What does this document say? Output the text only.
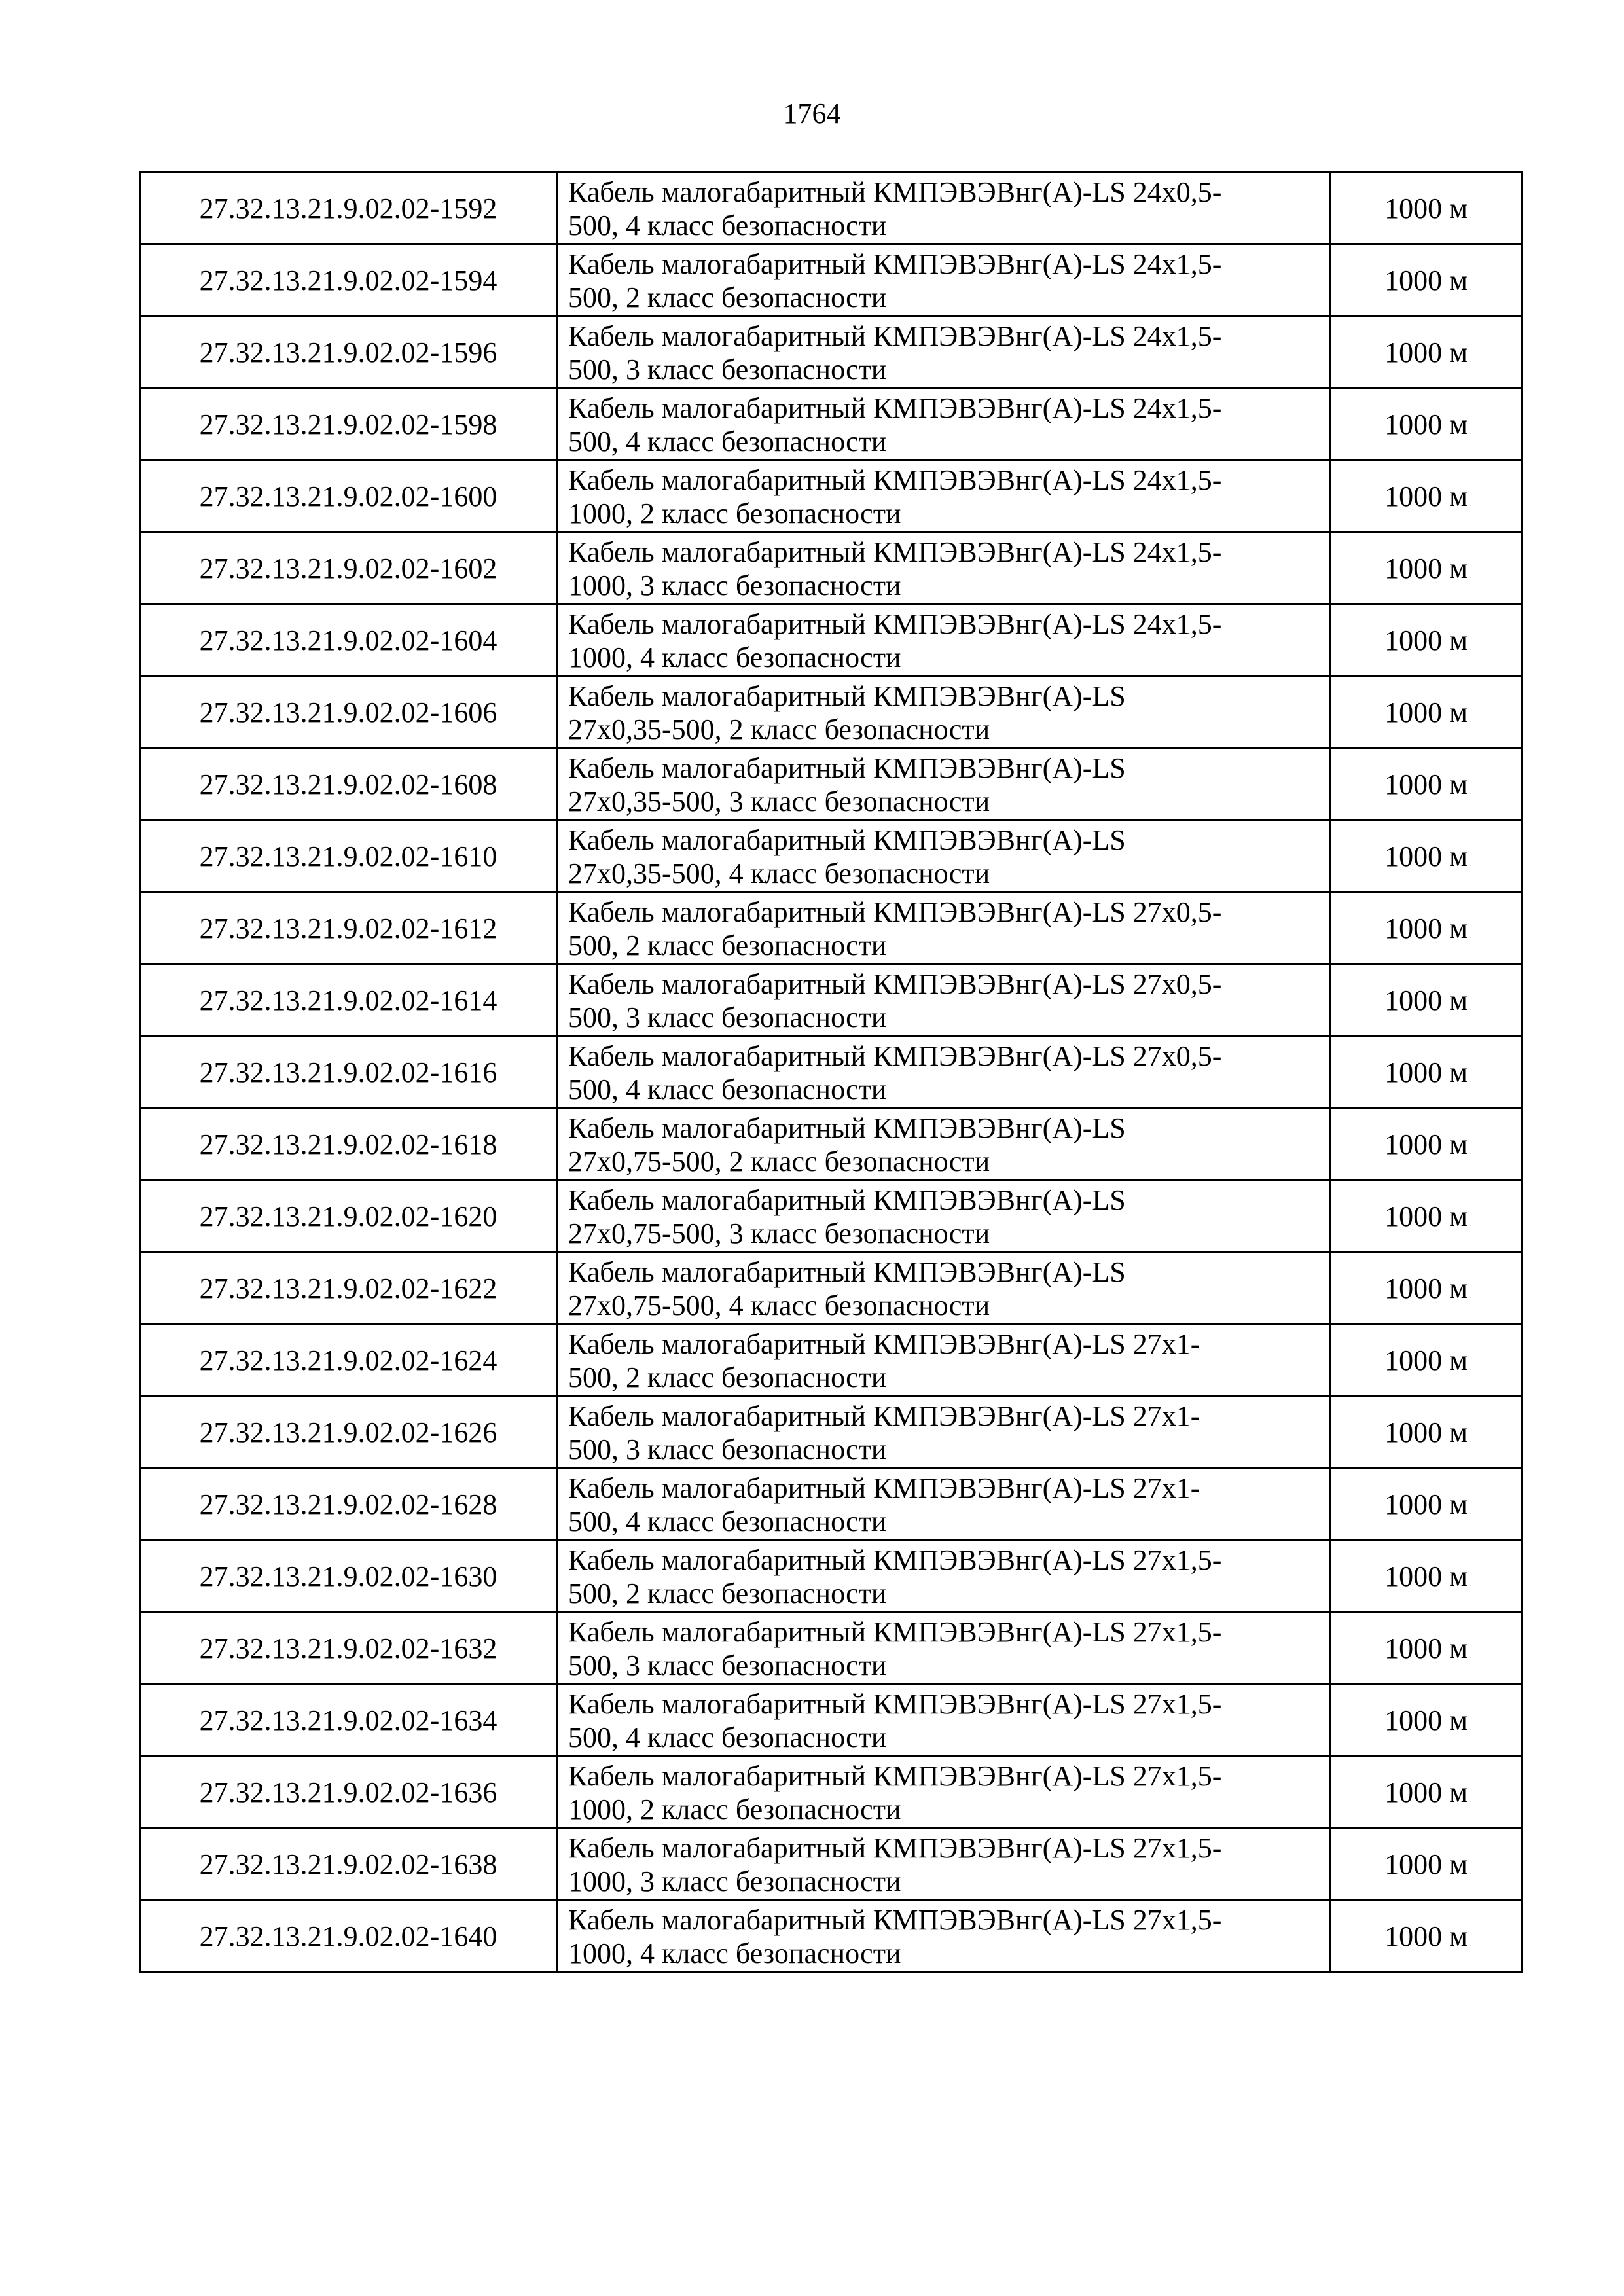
1764
27.32.13.21.9.02.02-1592	Кабель малогабаритный КМПЭВЭВнг(А)-LS 24х0,5-
500, 4 класс безопасности	1000 м
27.32.13.21.9.02.02-1594	Кабель малогабаритный КМПЭВЭВнг(А)-LS 24х1,5-
500, 2 класс безопасности	1000 м
27.32.13.21.9.02.02-1596	Кабель малогабаритный КМПЭВЭВнг(А)-LS 24х1,5-
500, 3 класс безопасности	1000 м
27.32.13.21.9.02.02-1598	Кабель малогабаритный КМПЭВЭВнг(А)-LS 24х1,5-
500, 4 класс безопасности	1000 м
27.32.13.21.9.02.02-1600	Кабель малогабаритный КМПЭВЭВнг(А)-LS 24х1,5-
1000, 2 класс безопасности	1000 м
27.32.13.21.9.02.02-1602	Кабель малогабаритный КМПЭВЭВнг(А)-LS 24х1,5-
1000, 3 класс безопасности	1000 м
27.32.13.21.9.02.02-1604	Кабель малогабаритный КМПЭВЭВнг(А)-LS 24х1,5-
1000, 4 класс безопасности	1000 м
27.32.13.21.9.02.02-1606	Кабель малогабаритный КМПЭВЭВнг(А)-LS
27х0,35-500, 2 класс безопасности	1000 м
27.32.13.21.9.02.02-1608	Кабель малогабаритный КМПЭВЭВнг(А)-LS
27х0,35-500, 3 класс безопасности	1000 м
27.32.13.21.9.02.02-1610	Кабель малогабаритный КМПЭВЭВнг(А)-LS
27х0,35-500, 4 класс безопасности	1000 м
27.32.13.21.9.02.02-1612	Кабель малогабаритный КМПЭВЭВнг(А)-LS 27х0,5-
500, 2 класс безопасности	1000 м
27.32.13.21.9.02.02-1614	Кабель малогабаритный КМПЭВЭВнг(А)-LS 27х0,5-
500, 3 класс безопасности	1000 м
27.32.13.21.9.02.02-1616	Кабель малогабаритный КМПЭВЭВнг(А)-LS 27х0,5-
500, 4 класс безопасности	1000 м
27.32.13.21.9.02.02-1618	Кабель малогабаритный КМПЭВЭВнг(А)-LS
27х0,75-500, 2 класс безопасности	1000 м
27.32.13.21.9.02.02-1620	Кабель малогабаритный КМПЭВЭВнг(А)-LS
27х0,75-500, 3 класс безопасности	1000 м
27.32.13.21.9.02.02-1622	Кабель малогабаритный КМПЭВЭВнг(А)-LS
27х0,75-500, 4 класс безопасности	1000 м
27.32.13.21.9.02.02-1624	Кабель малогабаритный КМПЭВЭВнг(А)-LS 27х1-
500, 2 класс безопасности	1000 м
27.32.13.21.9.02.02-1626	Кабель малогабаритный КМПЭВЭВнг(А)-LS 27х1-
500, 3 класс безопасности	1000 м
27.32.13.21.9.02.02-1628	Кабель малогабаритный КМПЭВЭВнг(А)-LS 27х1-
500, 4 класс безопасности	1000 м
27.32.13.21.9.02.02-1630	Кабель малогабаритный КМПЭВЭВнг(А)-LS 27х1,5-
500, 2 класс безопасности	1000 м
27.32.13.21.9.02.02-1632	Кабель малогабаритный КМПЭВЭВнг(А)-LS 27х1,5-
500, 3 класс безопасности	1000 м
27.32.13.21.9.02.02-1634	Кабель малогабаритный КМПЭВЭВнг(А)-LS 27х1,5-
500, 4 класс безопасности	1000 м
27.32.13.21.9.02.02-1636	Кабель малогабаритный КМПЭВЭВнг(А)-LS 27х1,5-
1000, 2 класс безопасности	1000 м
27.32.13.21.9.02.02-1638	Кабель малогабаритный КМПЭВЭВнг(А)-LS 27х1,5-
1000, 3 класс безопасности	1000 м
27.32.13.21.9.02.02-1640	Кабель малогабаритный КМПЭВЭВнг(А)-LS 27х1,5-
1000, 4 класс безопасности	1000 м
